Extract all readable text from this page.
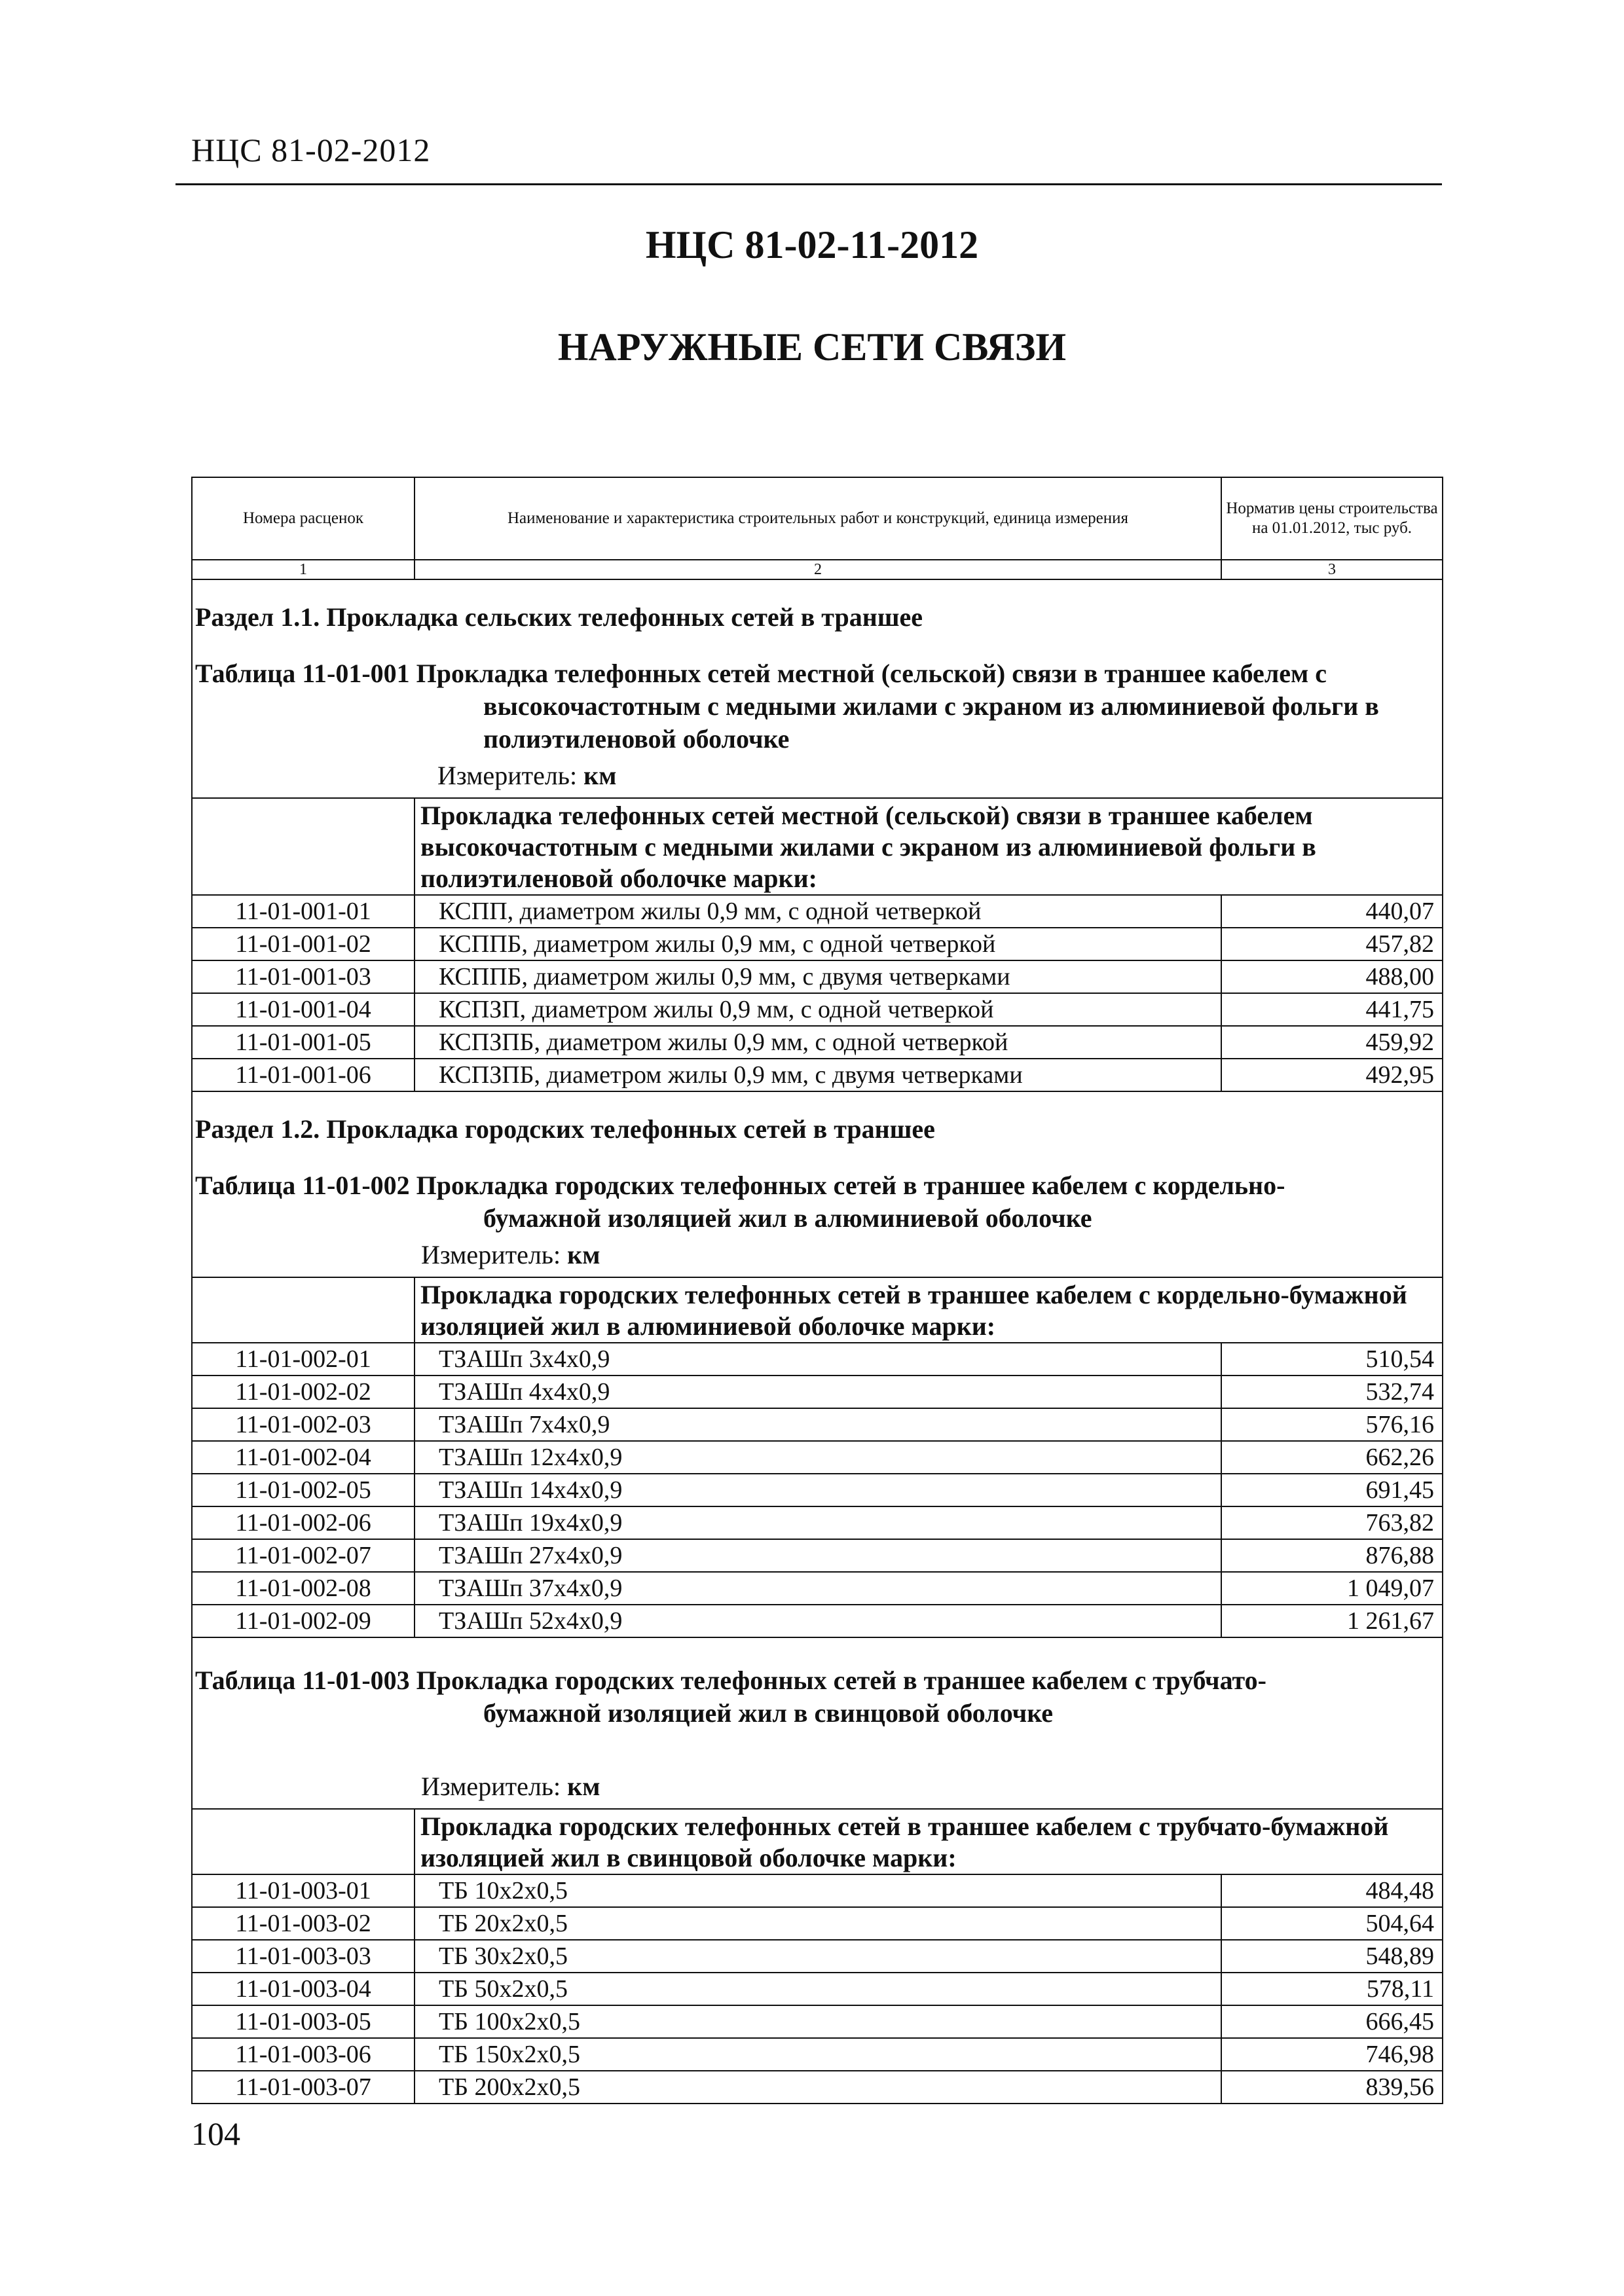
НЦС 81-02-2012
НЦС 81-02-11-2012
НАРУЖНЫЕ СЕТИ СВЯЗИ
Номера расценок	Наименование и характеристика строительных работ и конструкций, единица измерения	Норматив цены строительства на 01.01.2012, тыс руб.
1	2	3
Раздел 1.1. Прокладка сельских телефонных сетей в траншее		
Таблица 11-01-001 Прокладка телефонных сетей местной (сельской) связи в траншее кабелем с
высокочастотным с медными жилами с экраном из алюминиевой фольги в полиэтиленовой оболочке
Измеритель: км		

	Прокладка телефонных сетей местной (сельской) связи в траншее кабелем высокочастотным с медными жилами с экраном из алюминиевой фольги в полиэтиленовой оболочке марки:	
11-01-001-01	КСПП, диаметром жилы 0,9 мм, с одной четверкой	440,07
11-01-001-02	КСППБ, диаметром жилы 0,9 мм, с одной четверкой	457,82
11-01-001-03	КСППБ, диаметром жилы 0,9 мм, с двумя четверками	488,00
11-01-001-04	КСПЗП, диаметром жилы 0,9 мм, с одной четверкой	441,75
11-01-001-05	КСПЗПБ, диаметром жилы 0,9 мм, с одной четверкой	459,92
11-01-001-06	КСПЗПБ, диаметром жилы 0,9 мм, с двумя четверками	492,95
Раздел 1.2. Прокладка городских телефонных сетей в траншее		
Таблица 11-01-002 Прокладка городских телефонных сетей в траншее кабелем с кордельно-
бумажной изоляцией жил в алюминиевой оболочке
Измеритель: км		

	Прокладка городских телефонных сетей в траншее кабелем с кордельно-бумажной изоляцией жил в алюминиевой оболочке марки:	
11-01-002-01	ТЗАШп 3х4х0,9	510,54
11-01-002-02	ТЗАШп 4х4х0,9	532,74
11-01-002-03	ТЗАШп 7х4х0,9	576,16
11-01-002-04	ТЗАШп 12х4х0,9	662,26
11-01-002-05	ТЗАШп 14х4х0,9	691,45
11-01-002-06	ТЗАШп 19х4х0,9	763,82
11-01-002-07	ТЗАШп 27х4х0,9	876,88
11-01-002-08	ТЗАШп 37х4х0,9	1 049,07
11-01-002-09	ТЗАШп 52х4х0,9	1 261,67
Таблица 11-01-003 Прокладка городских телефонных сетей в траншее кабелем с трубчато-
бумажной изоляцией жил в свинцовой оболочке
Измеритель: км		

	Прокладка городских телефонных сетей в траншее кабелем с трубчато-бумажной изоляцией жил в свинцовой оболочке марки:	
11-01-003-01	ТБ 10х2х0,5	484,48
11-01-003-02	ТБ 20х2х0,5	504,64
11-01-003-03	ТБ 30х2х0,5	548,89
11-01-003-04	ТБ 50х2х0,5	578,11
11-01-003-05	ТБ 100х2х0,5	666,45
11-01-003-06	ТБ 150х2х0,5	746,98
11-01-003-07	ТБ 200х2х0,5	839,56
104
